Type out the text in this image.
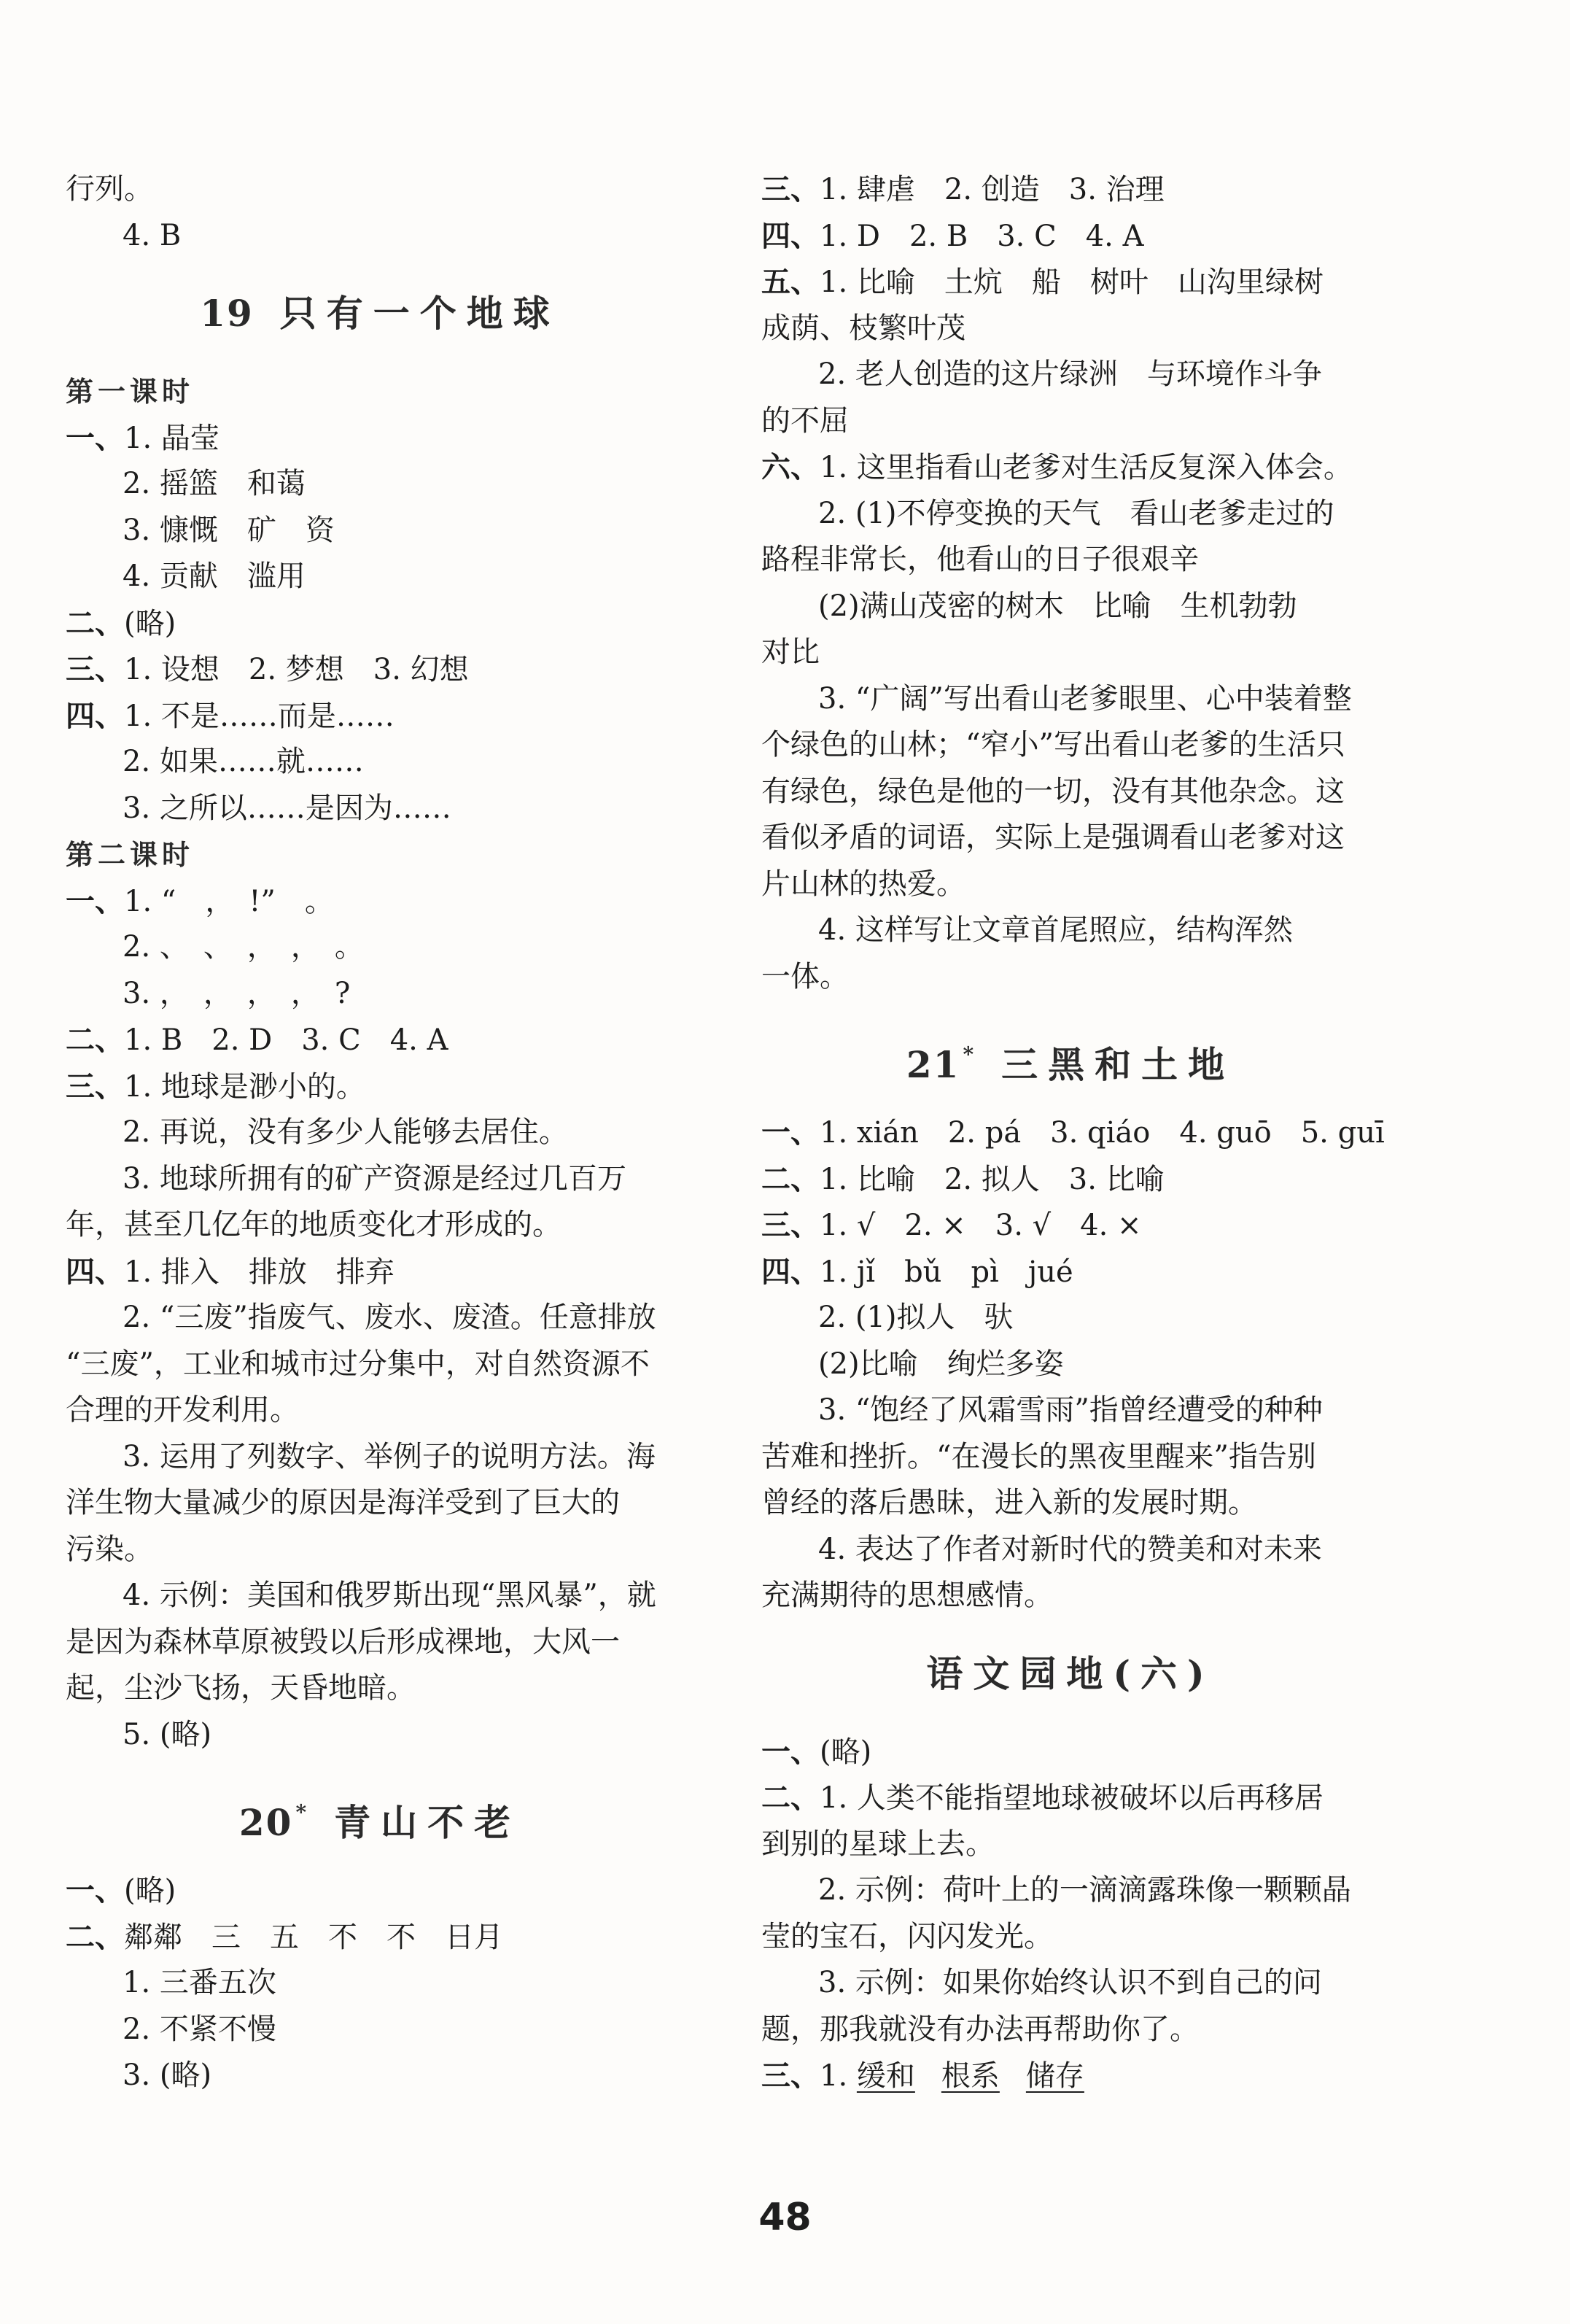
行列。
4. B
19 只有一个地球
第一课时
一、1. 晶莹
2. 摇篮　和蔼
3. 慷慨　矿　资
4. 贡献　滥用
二、(略)
三、1. 设想　2. 梦想　3. 幻想
四、1. 不是……而是……
2. 如果……就……
3. 之所以……是因为……
第二课时
一、1. “　，　!”　。
2. 、　、　，　，　。
3. ，　，　，　，　?
二、1. B　2. D　3. C　4. A
三、1. 地球是渺小的。
2. 再说，没有多少人能够去居住。
3. 地球所拥有的矿产资源是经过几百万
年，甚至几亿年的地质变化才形成的。
四、1. 排入　排放　排弃
2. “三废”指废气、废水、废渣。任意排放
“三废”，工业和城市过分集中，对自然资源不
合理的开发利用。
3. 运用了列数字、举例子的说明方法。海
洋生物大量减少的原因是海洋受到了巨大的
污染。
4. 示例：美国和俄罗斯出现“黑风暴”，就
是因为森林草原被毁以后形成裸地，大风一
起，尘沙飞扬，天昏地暗。
5. (略)
20 * 青山不老
一、(略)
二、鄰鄰　三　五　不　不　日月
1. 三番五次
2. 不紧不慢
3. (略)
三、1. 肆虐　2. 创造　3. 治理
四、1. D　2. B　3. C　4. A
五、1. 比喻　土炕　船　树叶　山沟里绿树
成荫、枝繁叶茂
2. 老人创造的这片绿洲　与环境作斗争
的不屈
六、1. 这里指看山老爹对生活反复深入体会。
2. (1)不停变换的天气　看山老爹走过的
路程非常长，他看山的日子很艰辛
(2)满山茂密的树木　比喻　生机勃勃
对比
3. “广阔”写出看山老爹眼里、心中装着整
个绿色的山林；“窄小”写出看山老爹的生活只
有绿色，绿色是他的一切，没有其他杂念。这
看似矛盾的词语，实际上是强调看山老爹对这
片山林的热爱。
4. 这样写让文章首尾照应，结构浑然
一体。
21 * 三黑和土地
一、1. xián　2. pá　3. qiáo　4. guō　5. guī
二、1. 比喻　2. 拟人　3. 比喻
三、1. √　2. ×　3. √　4. ×
四、1. jǐ　bǔ　pì　jué
2. (1)拟人　驮
(2)比喻　绚烂多姿
3. “饱经了风霜雪雨”指曾经遭受的种种
苦难和挫折。“在漫长的黑夜里醒来”指告别
曾经的落后愚昧，进入新的发展时期。
4. 表达了作者对新时代的赞美和对未来
充满期待的思想感情。
语文园地(六)
一、(略)
二、1. 人类不能指望地球被破坏以后再移居
到别的星球上去。
2. 示例：荷叶上的一滴滴露珠像一颗颗晶
莹的宝石，闪闪发光。
3. 示例：如果你始终认识不到自己的问
题，那我就没有办法再帮助你了。
三、1. 缓和 根系 储存
48
